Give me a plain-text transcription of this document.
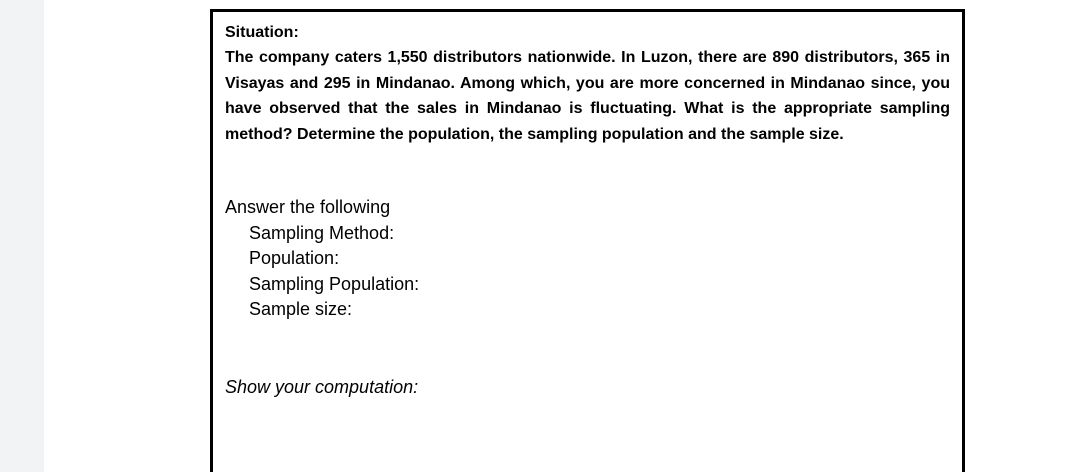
Situation:
The company caters 1,550 distributors nationwide. In Luzon, there are 890 distributors, 365 in Visayas and 295 in Mindanao. Among which, you are more concerned in Mindanao since, you have observed that the sales in Mindanao is fluctuating. What is the appropriate sampling method? Determine the population, the sampling population and the sample size.
Answer the following
Sampling Method:
Population:
Sampling Population:
Sample size:
Show your computation:
